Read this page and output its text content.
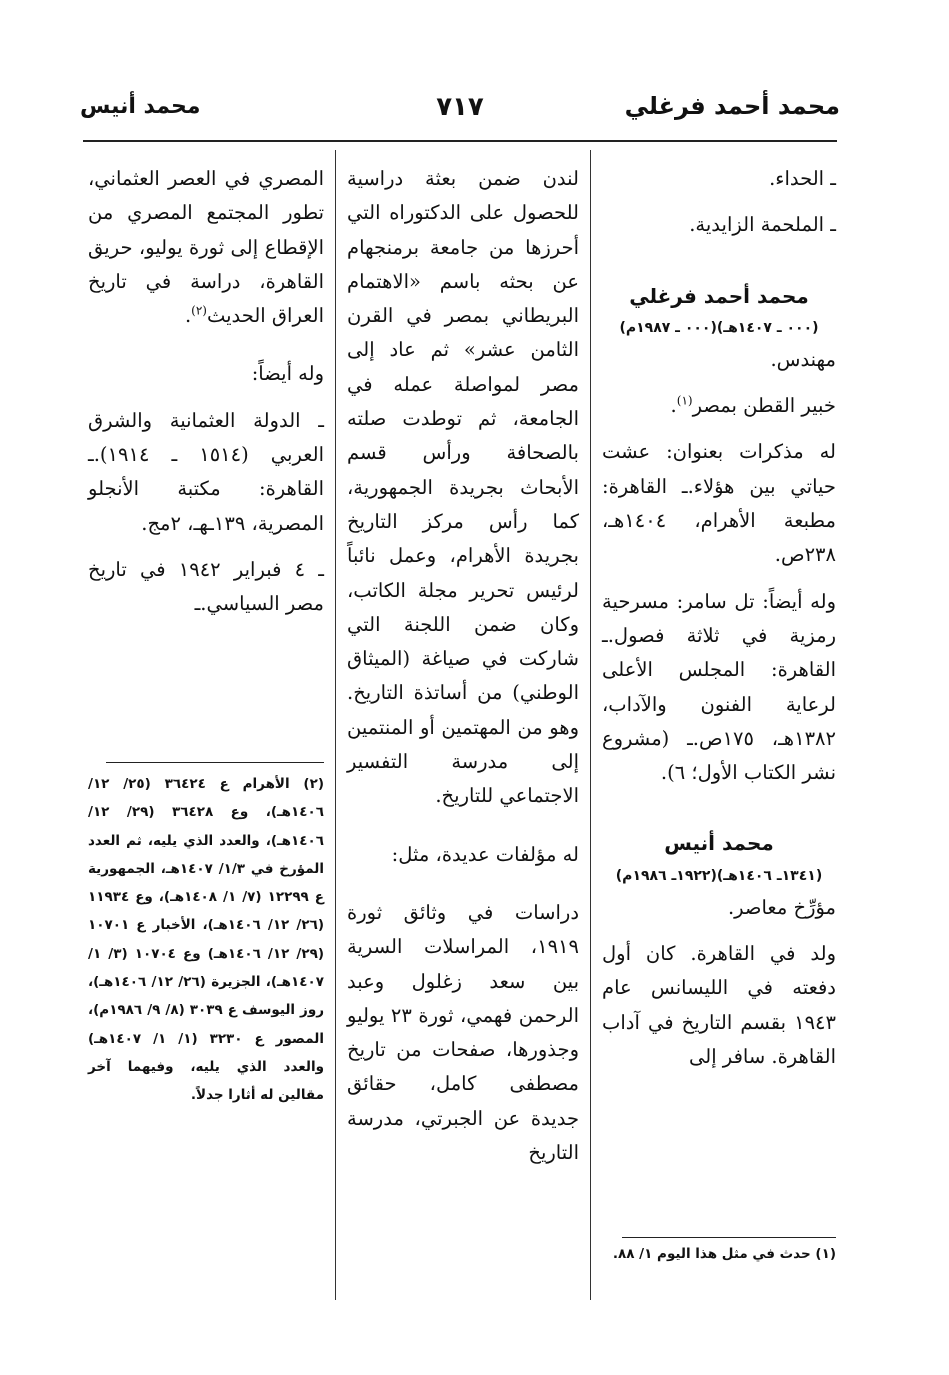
محمد أنيس	٧١٧	محمد أحمد فرغلي

ـ الحداء.

ـ الملحمة الزايدية.

محمد أحمد فرغلي

(٠٠٠ ـ ١٤٠٧هـ)(٠٠٠ ـ ١٩٨٧م)

مهندس.

خبير القطن بمصر$^{(١)}$.

له مذكرات بعنوان: عشت حياتي بين هؤلاء.ـ القاهرة: مطبعة الأهرام، ١٤٠٤هـ، ٢٣٨ص.

وله أيضاً: تل سامر: مسرحية رمزية في ثلاثة فصول.ـ القاهرة: المجلس الأعلى لرعاية الفنون والآداب، ١٣٨٢هـ، ١٧٥ص.ـ (مشروع نشر الكتاب الأول؛ ٦).

محمد أنيس

(١٣٤١ـ ١٤٠٦هـ)(١٩٢٢ـ ١٩٨٦م)

مؤرِّخ معاصر.

ولد في القاهرة. كان أول دفعته في الليسانس عام ١٩٤٣ بقسم التاريخ في آداب القاهرة. سافر إلى

لندن ضمن بعثة دراسية للحصول على الدكتوراه التي أحرزها من جامعة برمنجهام عن بحثه باسم «الاهتمام البريطاني بمصر في القرن الثامن عشر» ثم عاد إلى مصر لمواصلة عمله في الجامعة، ثم توطدت صلته بالصحافة ورأس قسم الأبحاث بجريدة الجمهورية، كما رأس مركز التاريخ بجريدة الأهرام، وعمل نائباً لرئيس تحرير مجلة الكاتب، وكان ضمن اللجنة التي شاركت في صياغة (الميثاق الوطني) من أساتذة التاريخ. وهو من المهتمين أو المنتمين إلى مدرسة التفسير الاجتماعي للتاريخ.

له مؤلفات عديدة، مثل:

دراسات في وثائق ثورة ١٩١٩، المراسلات السرية بين سعد زغلول وعبد الرحمن فهمي، ثورة ٢٣ يوليو وجذورها، صفحات من تاريخ مصطفى كامل، حقائق جديدة عن الجبرتي، مدرسة التاريخ

المصري في العصر العثماني، تطور المجتمع المصري من الإقطاع إلى ثورة يوليو، حريق القاهرة، دراسة في تاريخ العراق الحديث$^{(٢)}$.

وله أيضاً:

ـ الدولة العثمانية والشرق العربي (١٥١٤ ـ ١٩١٤).ـ القاهرة: مكتبة الأنجلو المصرية، ١٣٩ـهـ، ٢مج.

ـ ٤ فبراير ١٩٤٢ في تاريخ مصر السياسي.ـ

(٢) الأهرام ع ٣٦٤٢٤ (٢٥/ ١٢/ ١٤٠٦هـ)، وع ٣٦٤٢٨ (٢٩/ ١٢/ ١٤٠٦هـ)، والعدد الذي يليه، ثم العدد المؤرخ في ١/٣/ ١٤٠٧هـ، الجمهورية ع ١٢٢٩٩ (٧/ ١/ ١٤٠٨هـ)، وع ١١٩٣٤ (٢٦/ ١٢/ ١٤٠٦هـ)، الأخبار ع ١٠٧٠١ (٢٩/ ١٢/ ١٤٠٦هـ) وع ١٠٧٠٤ (٣/ ١/ ١٤٠٧هـ)، الجزيرة (٢٦/ ١٢/ ١٤٠٦هـ)، روز اليوسف ع ٣٠٣٩ (٨/ ٩/ ١٩٨٦م)، المصور ع ٣٢٣٠ (١/ ١/ ١٤٠٧هـ) والعدد الذي يليه، وفيهما آخر مقالين له أثارا جدلاً.
(١) حدث في مثل هذا اليوم ١/ ٨٨.
